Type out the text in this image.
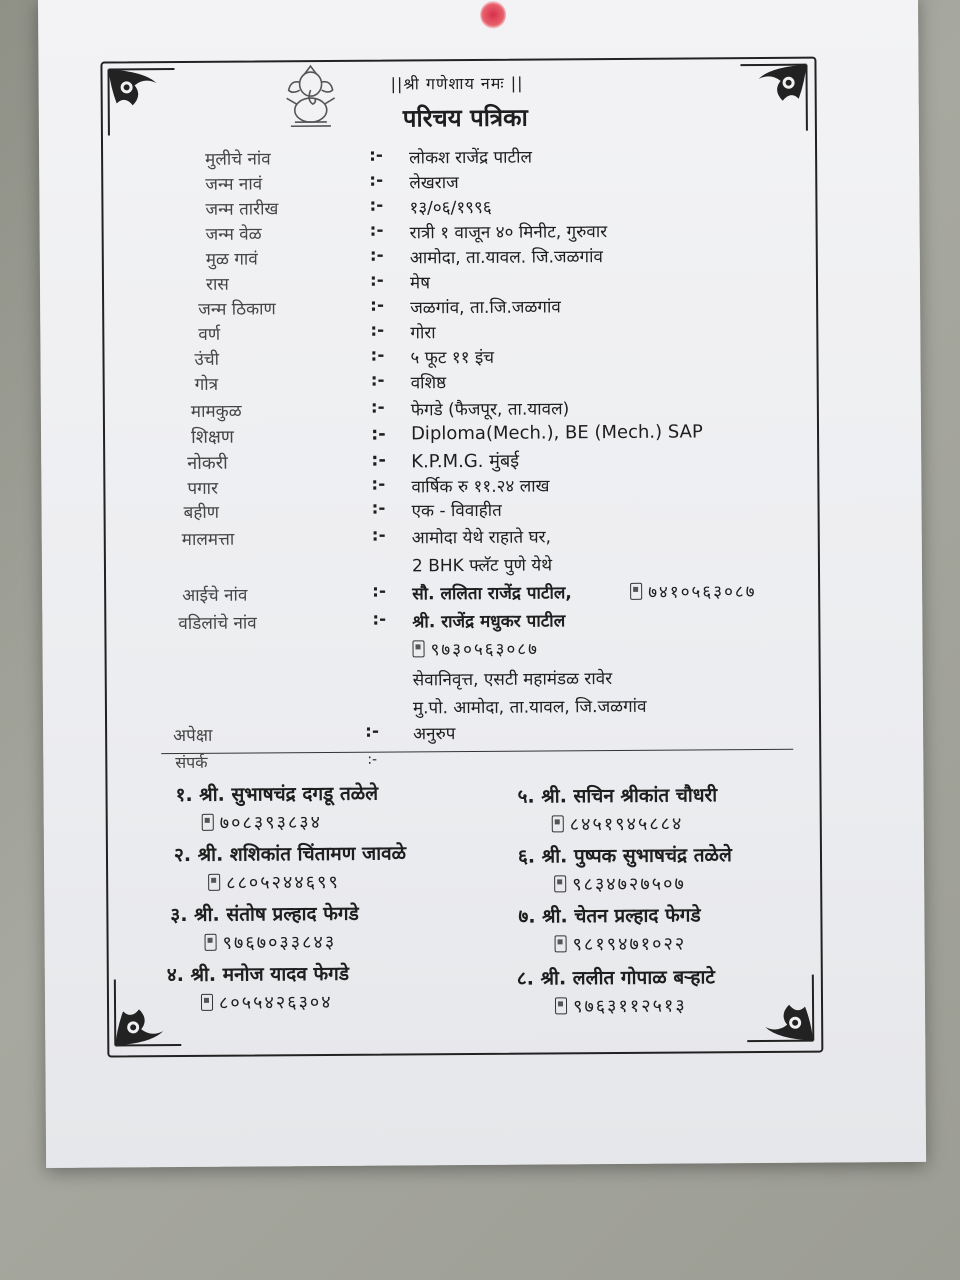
||श्री गणेशाय नमः ||
परिचय पत्रिका
मुलीचे नांव	:- लोकश राजेंद्र पाटील
जन्म नावं	:- लेखराज
जन्म तारीख	:- १३/०६/१९९६
जन्म वेळ	:- रात्री १ वाजून ४० मिनीट, गुरुवार
मुळ गावं	:- आमोदा, ता.यावल. जि.जळगांव
रास	:- मेष
जन्म ठिकाण	:- जळगांव, ता.जि.जळगांव
वर्ण	:- गोरा
उंची	:- ५ फूट ११ इंच
गोत्र	:- वशिष्ठ
मामकुळ	:- फेगडे (फैजपूर, ता.यावल)
शिक्षण	:- Diploma(Mech.), BE (Mech.) SAP
नोकरी	:- K.P.M.G. मुंबई
पगार	:- वार्षिक रु ११.२४ लाख
बहीण	:- एक - विवाहीत
मालमत्ता	:- आमोदा येथे राहाते घर,
2 BHK फ्लॅट पुणे येथे
आईचे नांव	:- सौ. ललिता राजेंद्र पाटील,	७४१०५६३०८७
वडिलांचे नांव	:- श्री. राजेंद्र मधुकर पाटील
९७३०५६३०८७
सेवानिवृत्त, एसटी महामंडळ रावेर
मु.पो. आमोदा, ता.यावल, जि.जळगांव
अपेक्षा	:- अनुरुप
संपर्क	:-
१. श्री. सुभाषचंद्र दगडू तळेले
७०८३९३८३४
२. श्री. शशिकांत चिंतामण जावळे
८८०५२४४६९९
३. श्री. संतोष प्रल्हाद फेगडे
९७६७०३३८४३
४. श्री. मनोज यादव फेगडे
८०५५४२६३०४
५. श्री. सचिन श्रीकांत चौधरी
८४५१९४५८८४
६. श्री. पुष्पक सुभाषचंद्र तळेले
९८३४७२७५०७
७. श्री. चेतन प्रल्हाद फेगडे
९८१९४७१०२२
८. श्री. ललीत गोपाळ बऱ्हाटे
९७६३११२५१३
